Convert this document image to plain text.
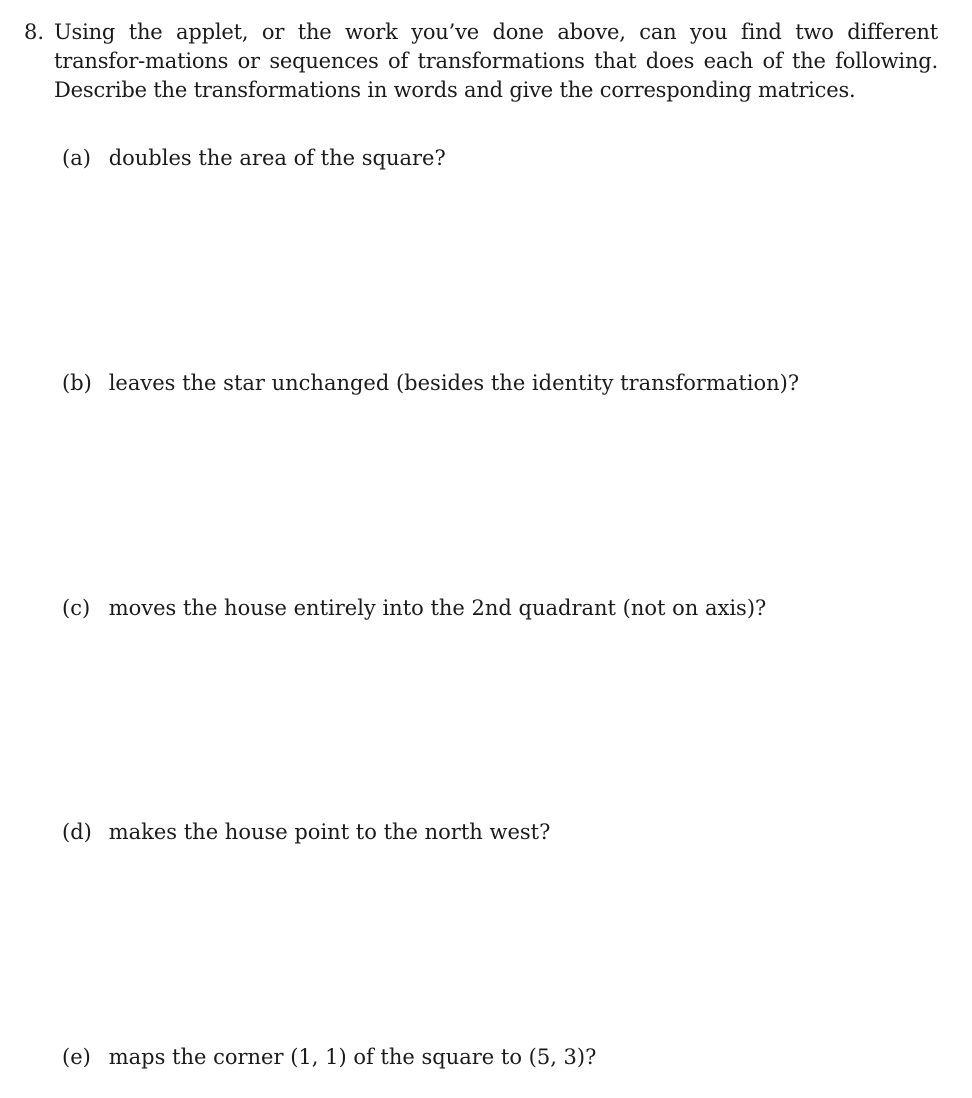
8. Using the applet, or the work you’ve done above, can you find two different transfor-mations or sequences of transformations that does each of the following. Describe the transformations in words and give the corresponding matrices.
(a) doubles the area of the square?
(b) leaves the star unchanged (besides the identity transformation)?
(c) moves the house entirely into the 2nd quadrant (not on axis)?
(d) makes the house point to the north west?
(e) maps the corner (1, 1) of the square to (5, 3)?
